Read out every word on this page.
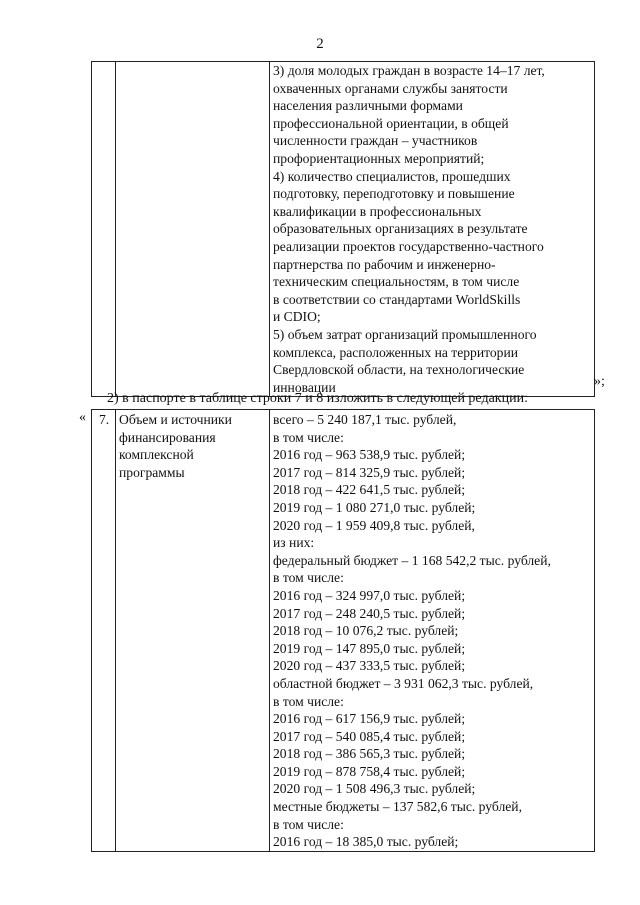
2

3) доля молодых граждан в возрасте 14–17 лет,
охваченных органами службы занятости
населения различными формами
профессиональной ориентации, в общей
численности граждан – участников
профориентационных мероприятий;
4) количество специалистов, прошедших
подготовку, переподготовку и повышение
квалификации в профессиональных
образовательных организациях в результате
реализации проектов государственно-частного
партнерства по рабочим и инженерно-
техническим специальностям, в том числе
в соответствии со стандартами WorldSkills
и CDIO;
5) объем затрат организаций промышленного
комплекса, расположенных на территории
Свердловской области, на технологические
инновации	»;
2) в паспорте в таблице строки 7 и 8 изложить в следующей редакции:
« 7.	Объем и источники
финансирования
комплексной
программы

всего – 5 240 187,1 тыс. рублей,
в том числе:
2016 год – 963 538,9 тыс. рублей;
2017 год – 814 325,9 тыс. рублей;
2018 год – 422 641,5 тыс. рублей;
2019 год – 1 080 271,0 тыс. рублей;
2020 год – 1 959 409,8 тыс. рублей,
из них:
федеральный бюджет – 1 168 542,2 тыс. рублей,
в том числе:
2016 год – 324 997,0 тыс. рублей;
2017 год – 248 240,5 тыс. рублей;
2018 год – 10 076,2 тыс. рублей;
2019 год – 147 895,0 тыс. рублей;
2020 год – 437 333,5 тыс. рублей;
областной бюджет – 3 931 062,3 тыс. рублей,
в том числе:
2016 год – 617 156,9 тыс. рублей;
2017 год – 540 085,4 тыс. рублей;
2018 год – 386 565,3 тыс. рублей;
2019 год – 878 758,4 тыс. рублей;
2020 год – 1 508 496,3 тыс. рублей;
местные бюджеты – 137 582,6 тыс. рублей,
в том числе:
2016 год – 18 385,0 тыс. рублей;
